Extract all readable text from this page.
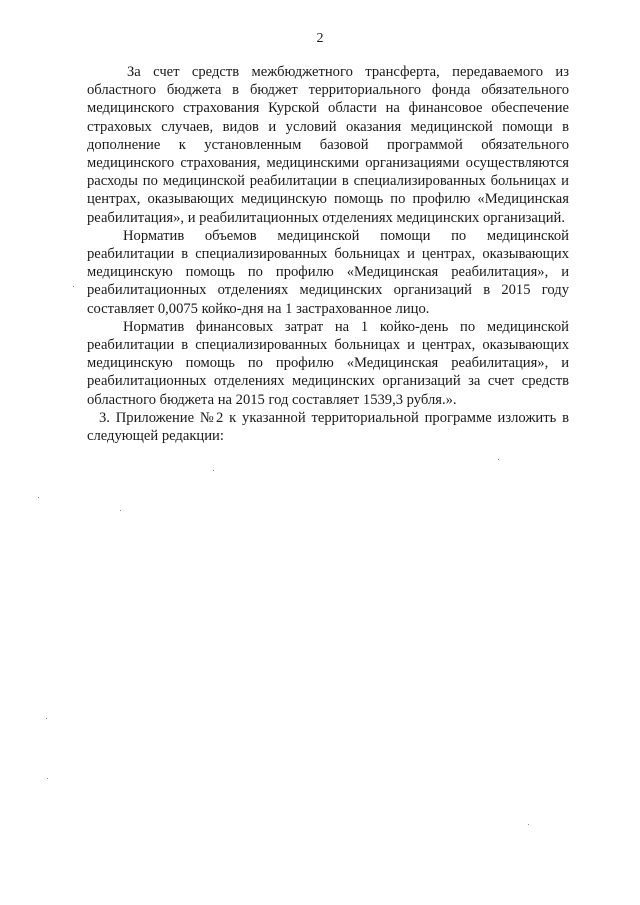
2

За счет средств межбюджетного трансферта, передаваемого из областного бюджета в бюджет территориального фонда обязательного медицинского страхования Курской области на финансовое обеспечение страховых случаев, видов и условий оказания медицинской помощи в дополнение к установленным базовой программой обязательного медицинского страхования, медицинскими организациями осуществляются расходы по медицинской реабилитации в специализированных больницах и центрах, оказывающих медицинскую помощь по профилю «Медицинская реабилитация», и реабилитационных отделениях медицинских организаций.

Норматив объемов медицинской помощи по медицинской реабилитации в специализированных больницах и центрах, оказывающих медицинскую помощь по профилю «Медицинская реабилитация», и реабилитационных отделениях медицинских организаций в 2015 году составляет 0,0075 койко-дня на 1 застрахованное лицо.

Норматив финансовых затрат на 1 койко-день по медицинской реабилитации в специализированных больницах и центрах, оказывающих медицинскую помощь по профилю «Медицинская реабилитация», и реабилитационных отделениях медицинских организаций за счет средств областного бюджета на 2015 год составляет 1539,3 рубля.».

3. Приложение №2 к указанной территориальной программе изложить в следующей редакции:
